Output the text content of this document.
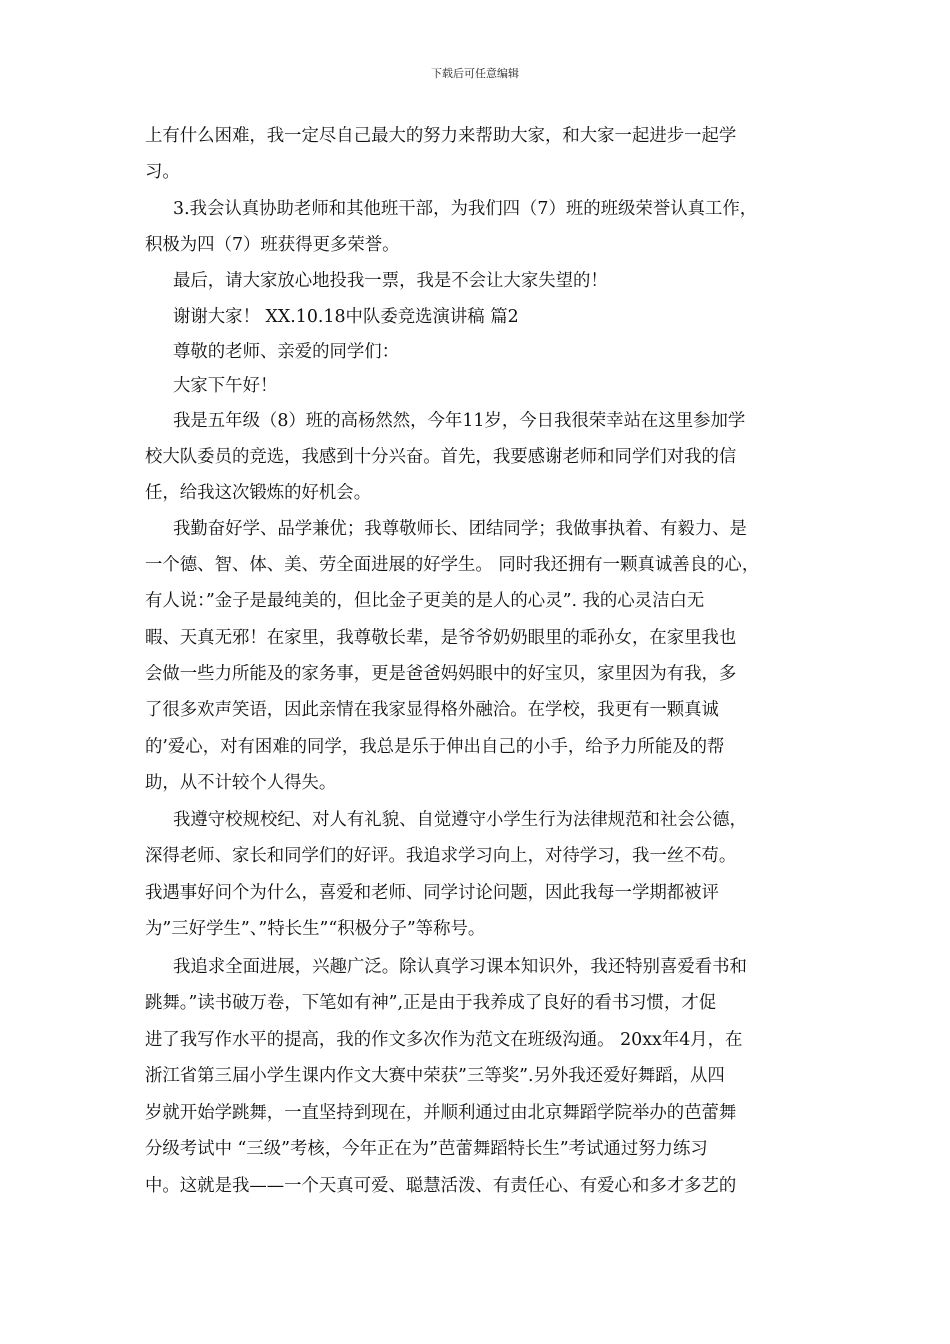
下载后可任意编辑
上有什么困难，我一定尽自己最大的努力来帮助大家，和大家一起进步一起学
习。
3.我会认真协助老师和其他班干部，为我们四（7）班的班级荣誉认真工作，
积极为四（7）班获得更多荣誉。
最后，请大家放心地投我一票，我是不会让大家失望的！
谢谢大家！ XX.10.18中队委竞选演讲稿 篇2
尊敬的老师、亲爱的同学们：
大家下午好！
我是五年级（8）班的高杨然然，今年11岁，今日我很荣幸站在这里参加学
校大队委员的竞选，我感到十分兴奋。首先，我要感谢老师和同学们对我的信
任，给我这次锻炼的好机会。
我勤奋好学、品学兼优；我尊敬师长、团结同学；我做事执着、有毅力、是
一个德、智、体、美、劳全面进展的好学生。 同时我还拥有一颗真诚善良的心，
有人说：”金子是最纯美的，但比金子更美的是人的心灵”. 我的心灵洁白无
暇、天真无邪！在家里，我尊敬长辈，是爷爷奶奶眼里的乖孙女，在家里我也
会做一些力所能及的家务事，更是爸爸妈妈眼中的好宝贝，家里因为有我，多
了很多欢声笑语，因此亲情在我家显得格外融洽。在学校，我更有一颗真诚
的’爱心，对有困难的同学，我总是乐于伸出自己的小手，给予力所能及的帮
助，从不计较个人得失。
我遵守校规校纪、对人有礼貌、自觉遵守小学生行为法律规范和社会公德，
深得老师、家长和同学们的好评。我追求学习向上，对待学习，我一丝不苟。
我遇事好问个为什么，喜爱和老师、同学讨论问题，因此我每一学期都被评
为”三好学生”、”特长生”“积极分子”等称号。
我追求全面进展，兴趣广泛。除认真学习课本知识外，我还特别喜爱看书和
跳舞。”读书破万卷，下笔如有神”,正是由于我养成了良好的看书习惯，才促
进了我写作水平的提高，我的作文多次作为范文在班级沟通。 20xx年4月，在
浙江省第三届小学生课内作文大赛中荣获”三等奖”.另外我还爱好舞蹈，从四
岁就开始学跳舞，一直坚持到现在，并顺利通过由北京舞蹈学院举办的芭蕾舞
分级考试中 “三级”考核，今年正在为”芭蕾舞蹈特长生”考试通过努力练习
中。这就是我——一个天真可爱、聪慧活泼、有责任心、有爱心和多才多艺的
